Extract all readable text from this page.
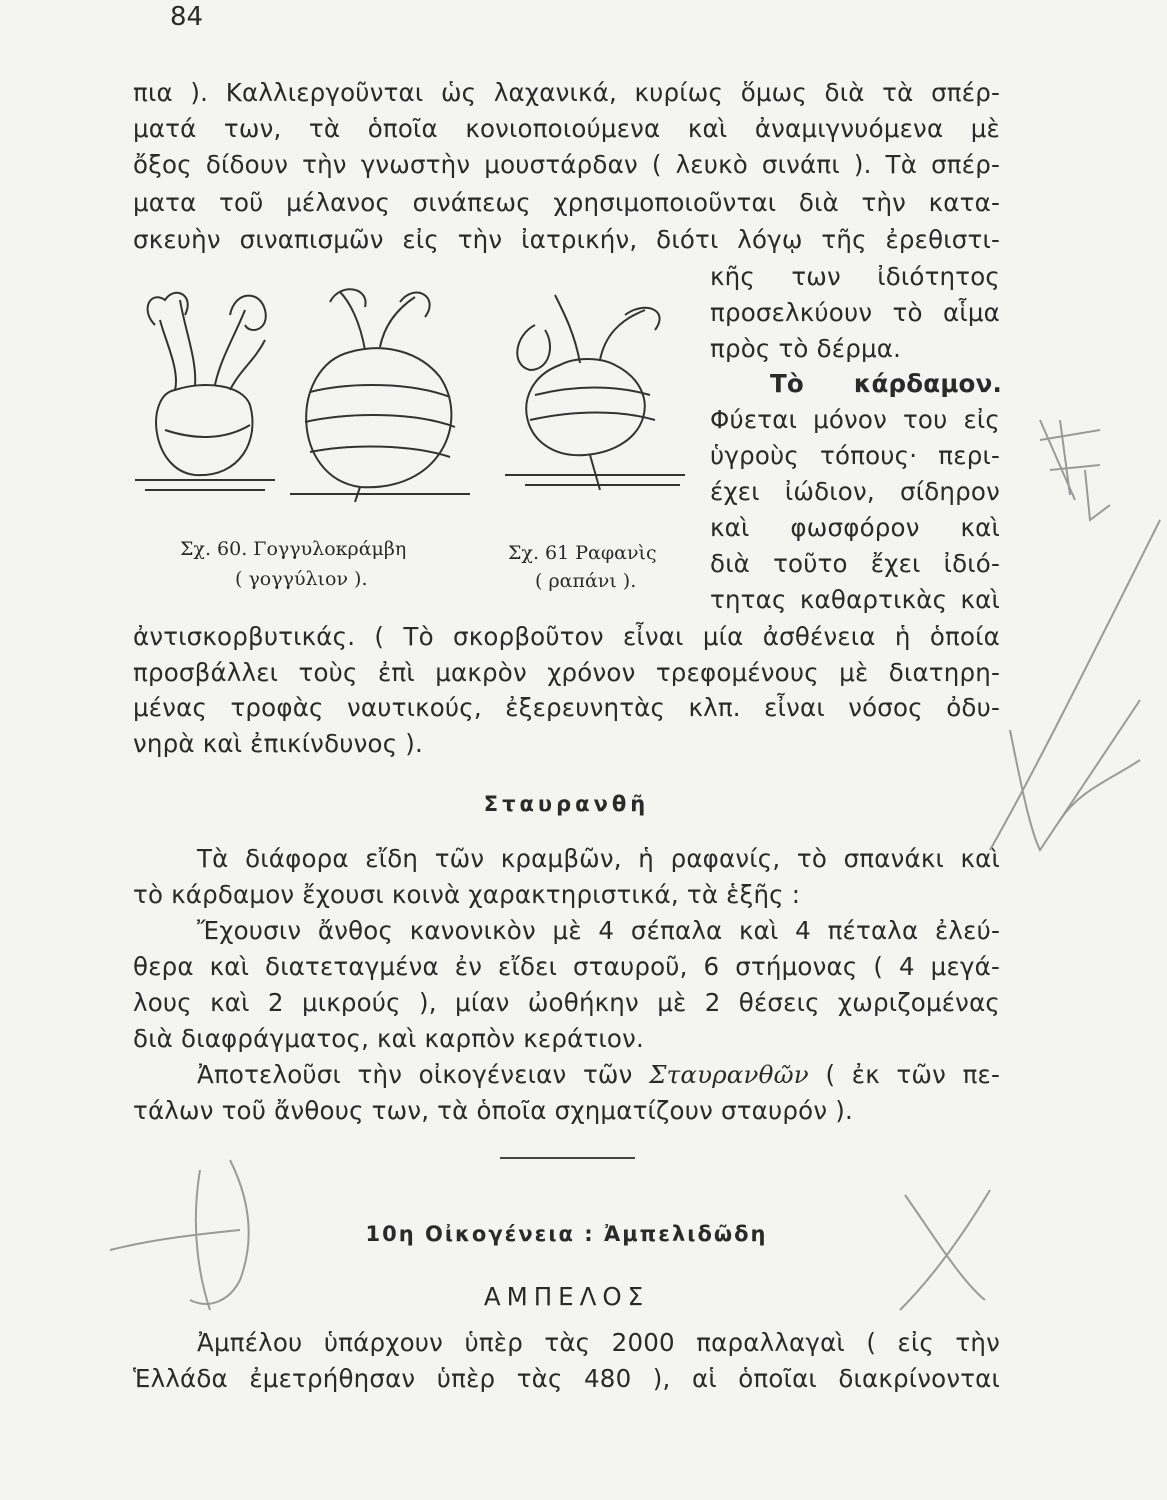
84
πια ). Καλλιεργοῦνται ὡς λαχανικά, κυρίως ὅμως διὰ τὰ σπέρ-
ματά των, τὰ ὁποῖα κονιοποιούμενα καὶ ἀναμιγνυόμενα μὲ
ὄξος δίδουν τὴν γνωστὴν μουστάρδαν ( λευκὸ σινάπι ). Τὰ σπέρ-
ματα τοῦ μέλανος σινάπεως χρησιμοποιοῦνται διὰ τὴν κατα-
σκευὴν σιναπισμῶν εἰς τὴν ἰατρικήν, διότι λόγῳ τῆς ἐρεθιστι-
κῆς των ἰδιότητος
προσελκύουν τὸ αἷμα
πρὸς τὸ δέρμα.
Τὸ κάρδαμον.
Φύεται μόνον του εἰς
ὑγροὺς τόπους· περι-
έχει ἰώδιον, σίδηρον
καὶ φωσφόρον καὶ
διὰ τοῦτο ἔχει ἰδιό-
τητας καθαρτικὰς καὶ
Σχ. 60. Γογγυλοκράμβη
( γογγύλιον ).
Σχ. 61 Ραφανὶς
( ραπάνι ).
ἀντισκορβυτικάς. ( Τὸ σκορβοῦτον εἶναι μία ἀσθένεια ἡ ὁποία
προσβάλλει τοὺς ἐπὶ μακρὸν χρόνον τρεφομένους μὲ διατηρη-
μένας τροφὰς ναυτικούς, ἐξερευνητὰς κλπ. εἶναι νόσος ὀδυ-
νηρὰ καὶ ἐπικίνδυνος ).
Σταυρανθῆ
Τὰ διάφορα εἴδη τῶν κραμβῶν, ἡ ραφανίς, τὸ σπανάκι καὶ
τὸ κάρδαμον ἔχουσι κοινὰ χαρακτηριστικά, τὰ ἑξῆς :
Ἔχουσιν ἄνθος κανονικὸν μὲ 4 σέπαλα καὶ 4 πέταλα ἐλεύ-
θερα καὶ διατεταγμένα ἐν εἴδει σταυροῦ, 6 στήμονας ( 4 μεγά-
λους καὶ 2 μικρούς ), μίαν ὠοθήκην μὲ 2 θέσεις χωριζομένας
διὰ διαφράγματος, καὶ καρπὸν κεράτιον.
Ἀποτελοῦσι τὴν οἰκογένειαν τῶν Σταυρανθῶν ( ἐκ τῶν πε-
τάλων τοῦ ἄνθους των, τὰ ὁποῖα σχηματίζουν σταυρόν ).
10η Οἰκογένεια : Ἀμπελιδῶδη
ΑΜΠΕΛΟΣ
Ἀμπέλου ὑπάρχουν ὑπὲρ τὰς 2000 παραλλαγαὶ ( εἰς τὴν
Ἑλλάδα ἐμετρήθησαν ὑπὲρ τὰς 480 ), αἱ ὁποῖαι διακρίνονται
